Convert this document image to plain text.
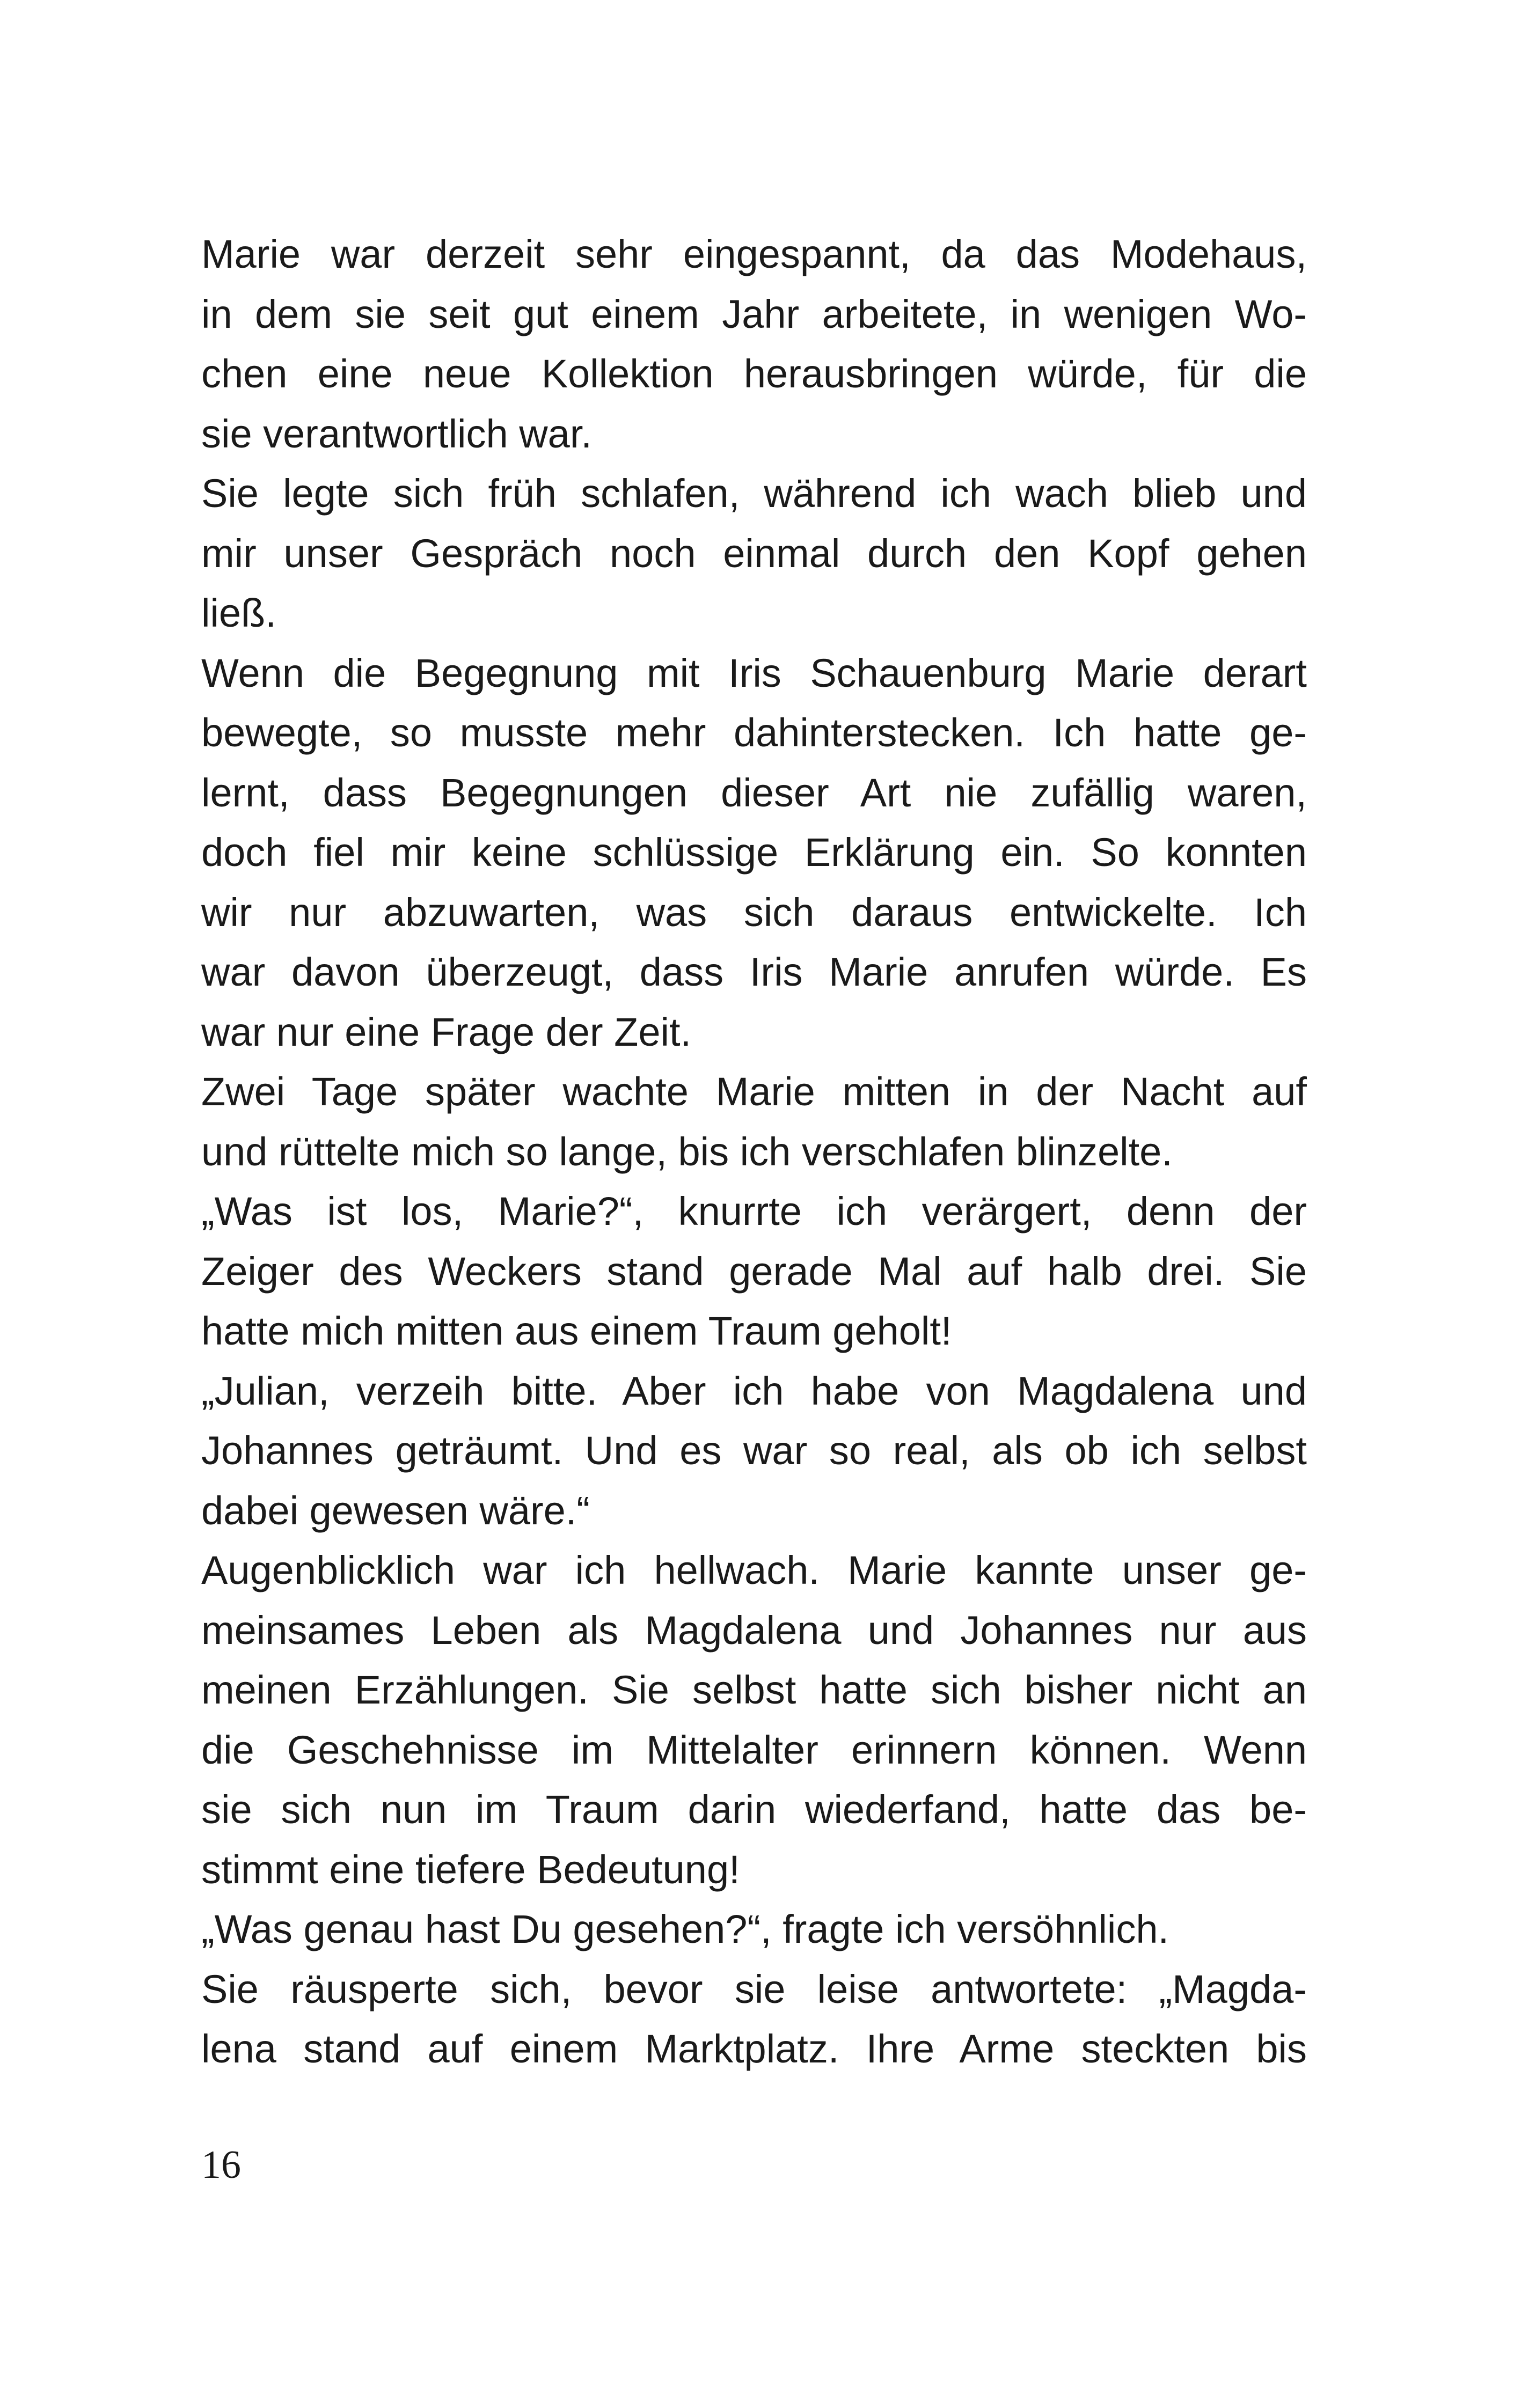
Marie war derzeit sehr eingespannt, da das Modehaus,
in dem sie seit gut einem Jahr arbeitete, in wenigen Wo-
chen eine neue Kollektion herausbringen würde, für die
sie verantwortlich war.
Sie legte sich früh schlafen, während ich wach blieb und
mir unser Gespräch noch einmal durch den Kopf gehen
ließ.
Wenn die Begegnung mit Iris Schauenburg Marie derart
bewegte, so musste mehr dahinterstecken. Ich hatte ge-
lernt, dass Begegnungen dieser Art nie zufällig waren,
doch fiel mir keine schlüssige Erklärung ein. So konnten
wir nur abzuwarten, was sich daraus entwickelte. Ich
war davon überzeugt, dass Iris Marie anrufen würde. Es
war nur eine Frage der Zeit.
Zwei Tage später wachte Marie mitten in der Nacht auf
und rüttelte mich so lange, bis ich verschlafen blinzelte.
„Was ist los, Marie?“, knurrte ich verärgert, denn der
Zeiger des Weckers stand gerade Mal auf halb drei. Sie
hatte mich mitten aus einem Traum geholt!
„Julian, verzeih bitte. Aber ich habe von Magdalena und
Johannes geträumt. Und es war so real, als ob ich selbst
dabei gewesen wäre.“
Augenblicklich war ich hellwach. Marie kannte unser ge-
meinsames Leben als Magdalena und Johannes nur aus
meinen Erzählungen. Sie selbst hatte sich bisher nicht an
die Geschehnisse im Mittelalter erinnern können. Wenn
sie sich nun im Traum darin wiederfand, hatte das be-
stimmt eine tiefere Bedeutung!
„Was genau hast Du gesehen?“, fragte ich versöhnlich.
Sie räusperte sich, bevor sie leise antwortete: „Magda-
lena stand auf einem Marktplatz. Ihre Arme steckten bis
16
